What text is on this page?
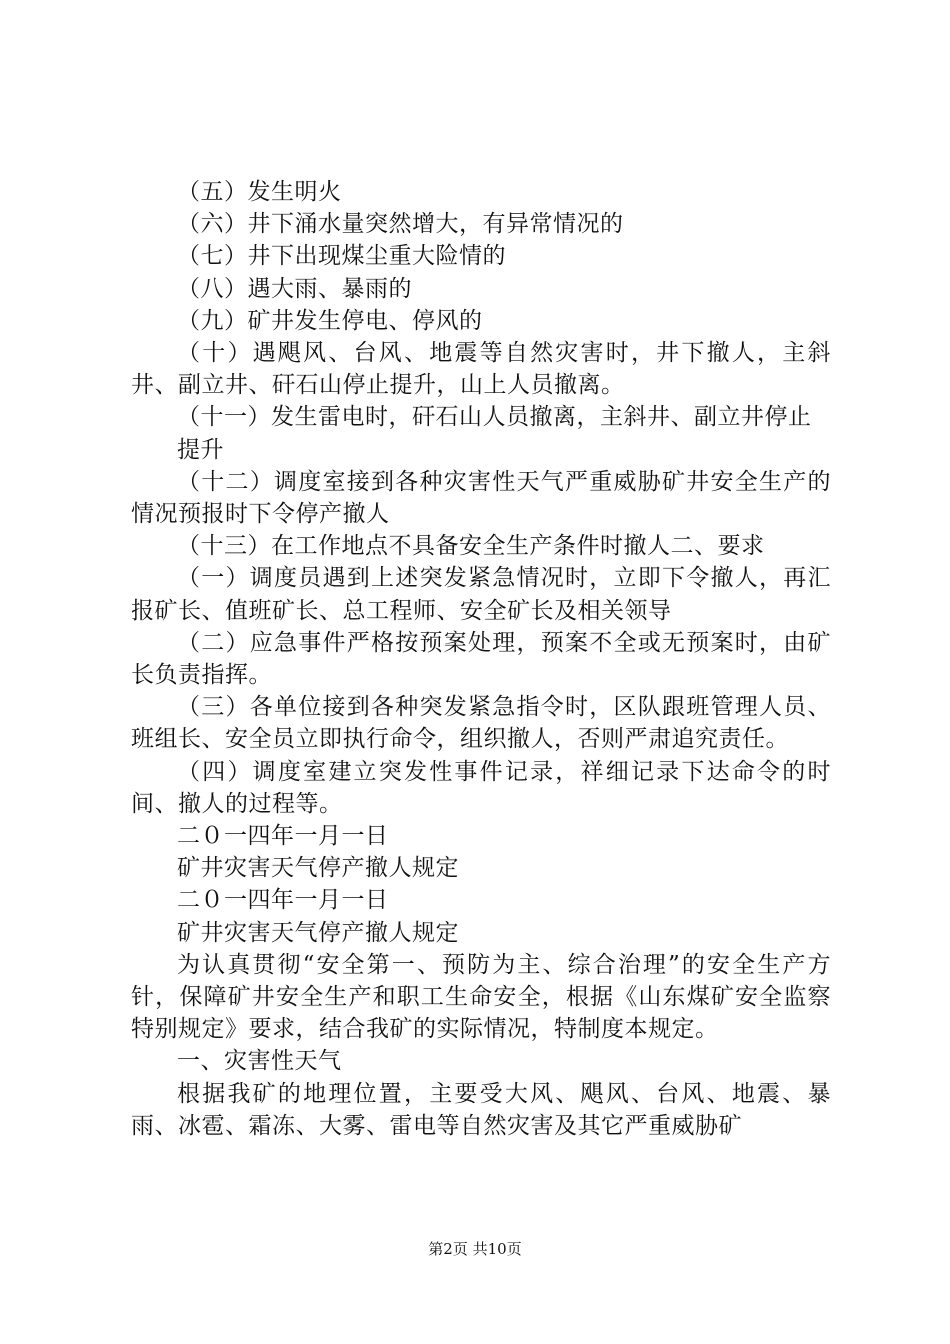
（五）发生明火

（六）井下涌水量突然增大，有异常情况的

（七）井下出现煤尘重大险情的

（八）遇大雨、暴雨的

（九）矿井发生停电、停风的

（十）遇飓风、台风、地震等自然灾害时，井下撤人，主斜井、副立井、矸石山停止提升，山上人员撤离。

（十一）发生雷电时，矸石山人员撤离，主斜井、副立井停止

提升

（十二）调度室接到各种灾害性天气严重威胁矿井安全生产的情况预报时下令停产撤人

（十三）在工作地点不具备安全生产条件时撤人二、要求

（一）调度员遇到上述突发紧急情况时，立即下令撤人，再汇报矿长、值班矿长、总工程师、安全矿长及相关领导

（二）应急事件严格按预案处理，预案不全或无预案时，由矿长负责指挥。

（三）各单位接到各种突发紧急指令时，区队跟班管理人员、班组长、安全员立即执行命令，组织撤人，否则严肃追究责任。

（四）调度室建立突发性事件记录，祥细记录下达命令的时间、撤人的过程等。

二０一四年一月一日

矿井灾害天气停产撤人规定

二０一四年一月一日

矿井灾害天气停产撤人规定

为认真贯彻“安全第一、预防为主、综合治理”的安全生产方针，保障矿井安全生产和职工生命安全，根据《山东煤矿安全监察特别规定》要求，结合我矿的实际情况，特制度本规定。

一、灾害性天气

根据我矿的地理位置，主要受大风、飓风、台风、地震、暴雨、冰雹、霜冻、大雾、雷电等自然灾害及其它严重威胁矿

第2页 共10页
